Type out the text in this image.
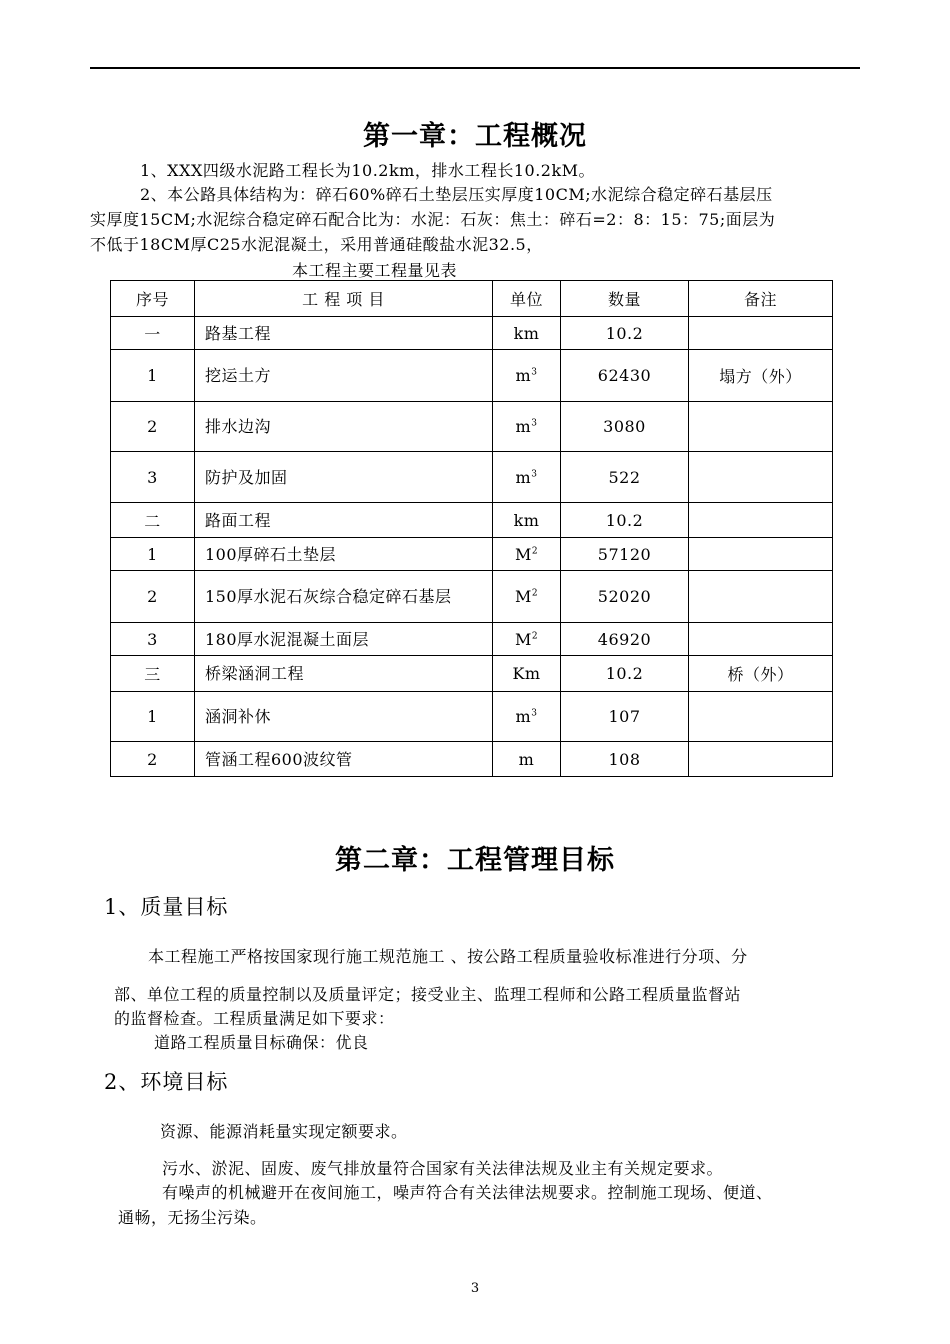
第一章：工程概况
1、XXX四级水泥路工程长为10.2km，排水工程长10.2kM。
2、本公路具体结构为：碎石60%碎石土垫层压实厚度10CM;水泥综合稳定碎石基层压
实厚度15CM;水泥综合稳定碎石配合比为：水泥：石灰：焦土：碎石=2：8：15：75;面层为
不低于18CM厚C25水泥混凝土，采用普通硅酸盐水泥32.5，
本工程主要工程量见表
序号	工 程 项 目	单位	数量	备注
一	路基工程	km	10.2	
1	挖运土方	$m^3$	62430	塌方（外）
2	排水边沟	$m^3$	3080	
3	防护及加固	$m^3$	522	
二	路面工程	km	10.2	
1	100厚碎石土垫层	$M^2$	57120	
2	150厚水泥石灰综合稳定碎石基层	$M^2$	52020	
3	180厚水泥混凝土面层	$M^2$	46920	
三	桥梁涵洞工程	Km	10.2	桥（外）
1	涵洞补休	$m^3$	107	
2	管涵工程600波纹管	m	108	
第二章：工程管理目标
1、质量目标
本工程施工严格按国家现行施工规范施工 、按公路工程质量验收标准进行分项、分
部、单位工程的质量控制以及质量评定；接受业主、监理工程师和公路工程质量监督站
的监督检查。工程质量满足如下要求：
道路工程质量目标确保：优良
2、环境目标
资源、能源消耗量实现定额要求。
污水、淤泥、固废、废气排放量符合国家有关法律法规及业主有关规定要求。
有噪声的机械避开在夜间施工，噪声符合有关法律法规要求。控制施工现场、便道、
通畅，无扬尘污染。
3
